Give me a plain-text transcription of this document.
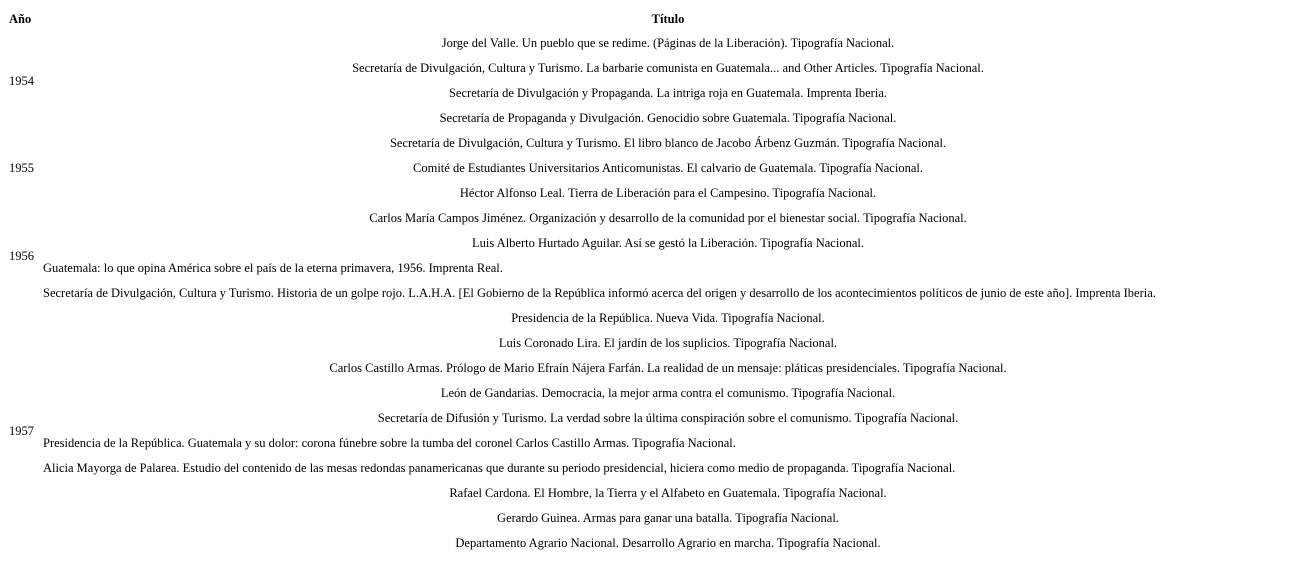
Año	Título
1954	Jorge del Valle. Un pueblo que se redime. (Páginas de la Liberación). Tipografía Nacional.
	Secretaría de Divulgación, Cultura y Turismo. La barbarie comunista en Guatemala... and Other Articles. Tipografía Nacional.
	Secretaría de Divulgación y Propaganda. La intriga roja en Guatemala. Imprenta Iberia.
	Secretaría de Propaganda y Divulgación. Genocidio sobre Guatemala. Tipografía Nacional.
1955	Secretaría de Divulgación, Cultura y Turismo. El libro blanco de Jacobo Árbenz Guzmán. Tipografía Nacional.
	Comité de Estudiantes Universitarios Anticomunistas. El calvario de Guatemala. Tipografía Nacional.
	Héctor Alfonso Leal. Tierra de Liberación para el Campesino. Tipografía Nacional.
1956	Carlos María Campos Jiménez. Organización y desarrollo de la comunidad por el bienestar social. Tipografía Nacional.
	Luis Alberto Hurtado Aguilar. Así se gestó la Liberación. Tipografía Nacional.
	Guatemala: lo que opina América sobre el país de la eterna primavera, 1956. Imprenta Real.
	Secretaría de Divulgación, Cultura y Turismo. Historia de un golpe rojo. L.A.H.A. [El Gobierno de la República informó acerca del origen y desarrollo de los acontecimientos políticos de junio de este año]. Imprenta Iberia.
1957	Presidencia de la República. Nueva Vida. Tipografía Nacional.
	Luis Coronado Lira. El jardín de los suplicios. Tipografía Nacional.
	Carlos Castillo Armas. Prólogo de Mario Efraín Nájera Farfán. La realidad de un mensaje: pláticas presidenciales. Tipografía Nacional.
	León de Gandarias. Democracia, la mejor arma contra el comunismo. Tipografía Nacional.
	Secretaría de Difusión y Turismo. La verdad sobre la última conspiración sobre el comunismo. Tipografía Nacional.
	Presidencia de la República. Guatemala y su dolor: corona fúnebre sobre la tumba del coronel Carlos Castillo Armas. Tipografía Nacional.
	Alicia Mayorga de Palarea. Estudio del contenido de las mesas redondas panamericanas que durante su periodo presidencial, hiciera como medio de propaganda. Tipografía Nacional.
	Rafael Cardona. El Hombre, la Tierra y el Alfabeto en Guatemala. Tipografía Nacional.
	Gerardo Guinea. Armas para ganar una batalla. Tipografía Nacional.
	Departamento Agrario Nacional. Desarrollo Agrario en marcha. Tipografía Nacional.
